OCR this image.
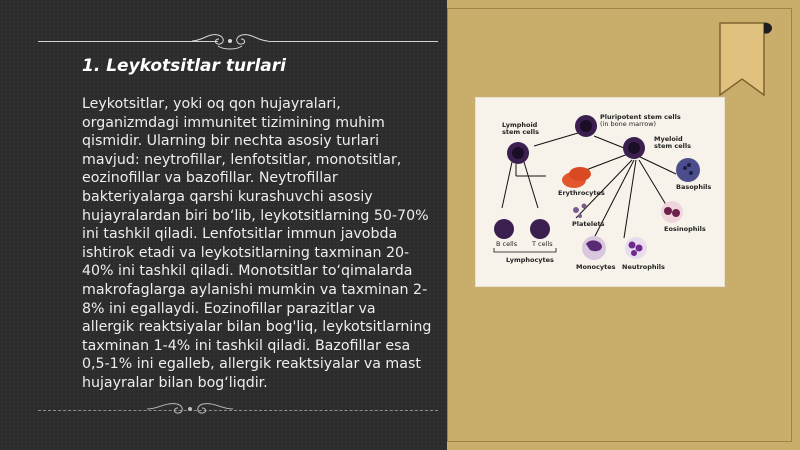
1. Leykotsitlar turlari

Leykotsitlar, yoki oq qon hujayralari, organizmdagi immunitet tizimining muhim qismidir. Ularning bir nechta asosiy turlari mavjud: neytrofillar, lenfotsitlar, monotsitlar, eozinofillar va bazofillar. Neytrofillar bakteriyalarga qarshi kurashuvchi asosiy hujayralardan biri bo‘lib, leykotsitlarning 50-70% ini tashkil qiladi. Lenfotsitlar immun javobda ishtirok etadi va leykotsitlarning taxminan 20-40% ini tashkil qiladi. Monotsitlar to‘qimalarda makrofaglarga aylanishi mumkin va taxminan 2-8% ini egallaydi. Eozinofillar parazitlar va allergik reaktsiyalar bilan bog'liq, leykotsitlarning taxminan 1-4% ini tashkil qiladi. Bazofillar esa 0,5-1% ini egalleb, allergik reaktsiyalar va mast hujayralar bilan bog‘liqdir.

Lymphoid
stem cells
Pluripotent stem cells
(in bone marrow)
Myeloid
stem cells
Erythrocytes
Basophils
Platelets
Eosinophils
B cells T cells
Lymphocytes
Monocytes Neutrophils
